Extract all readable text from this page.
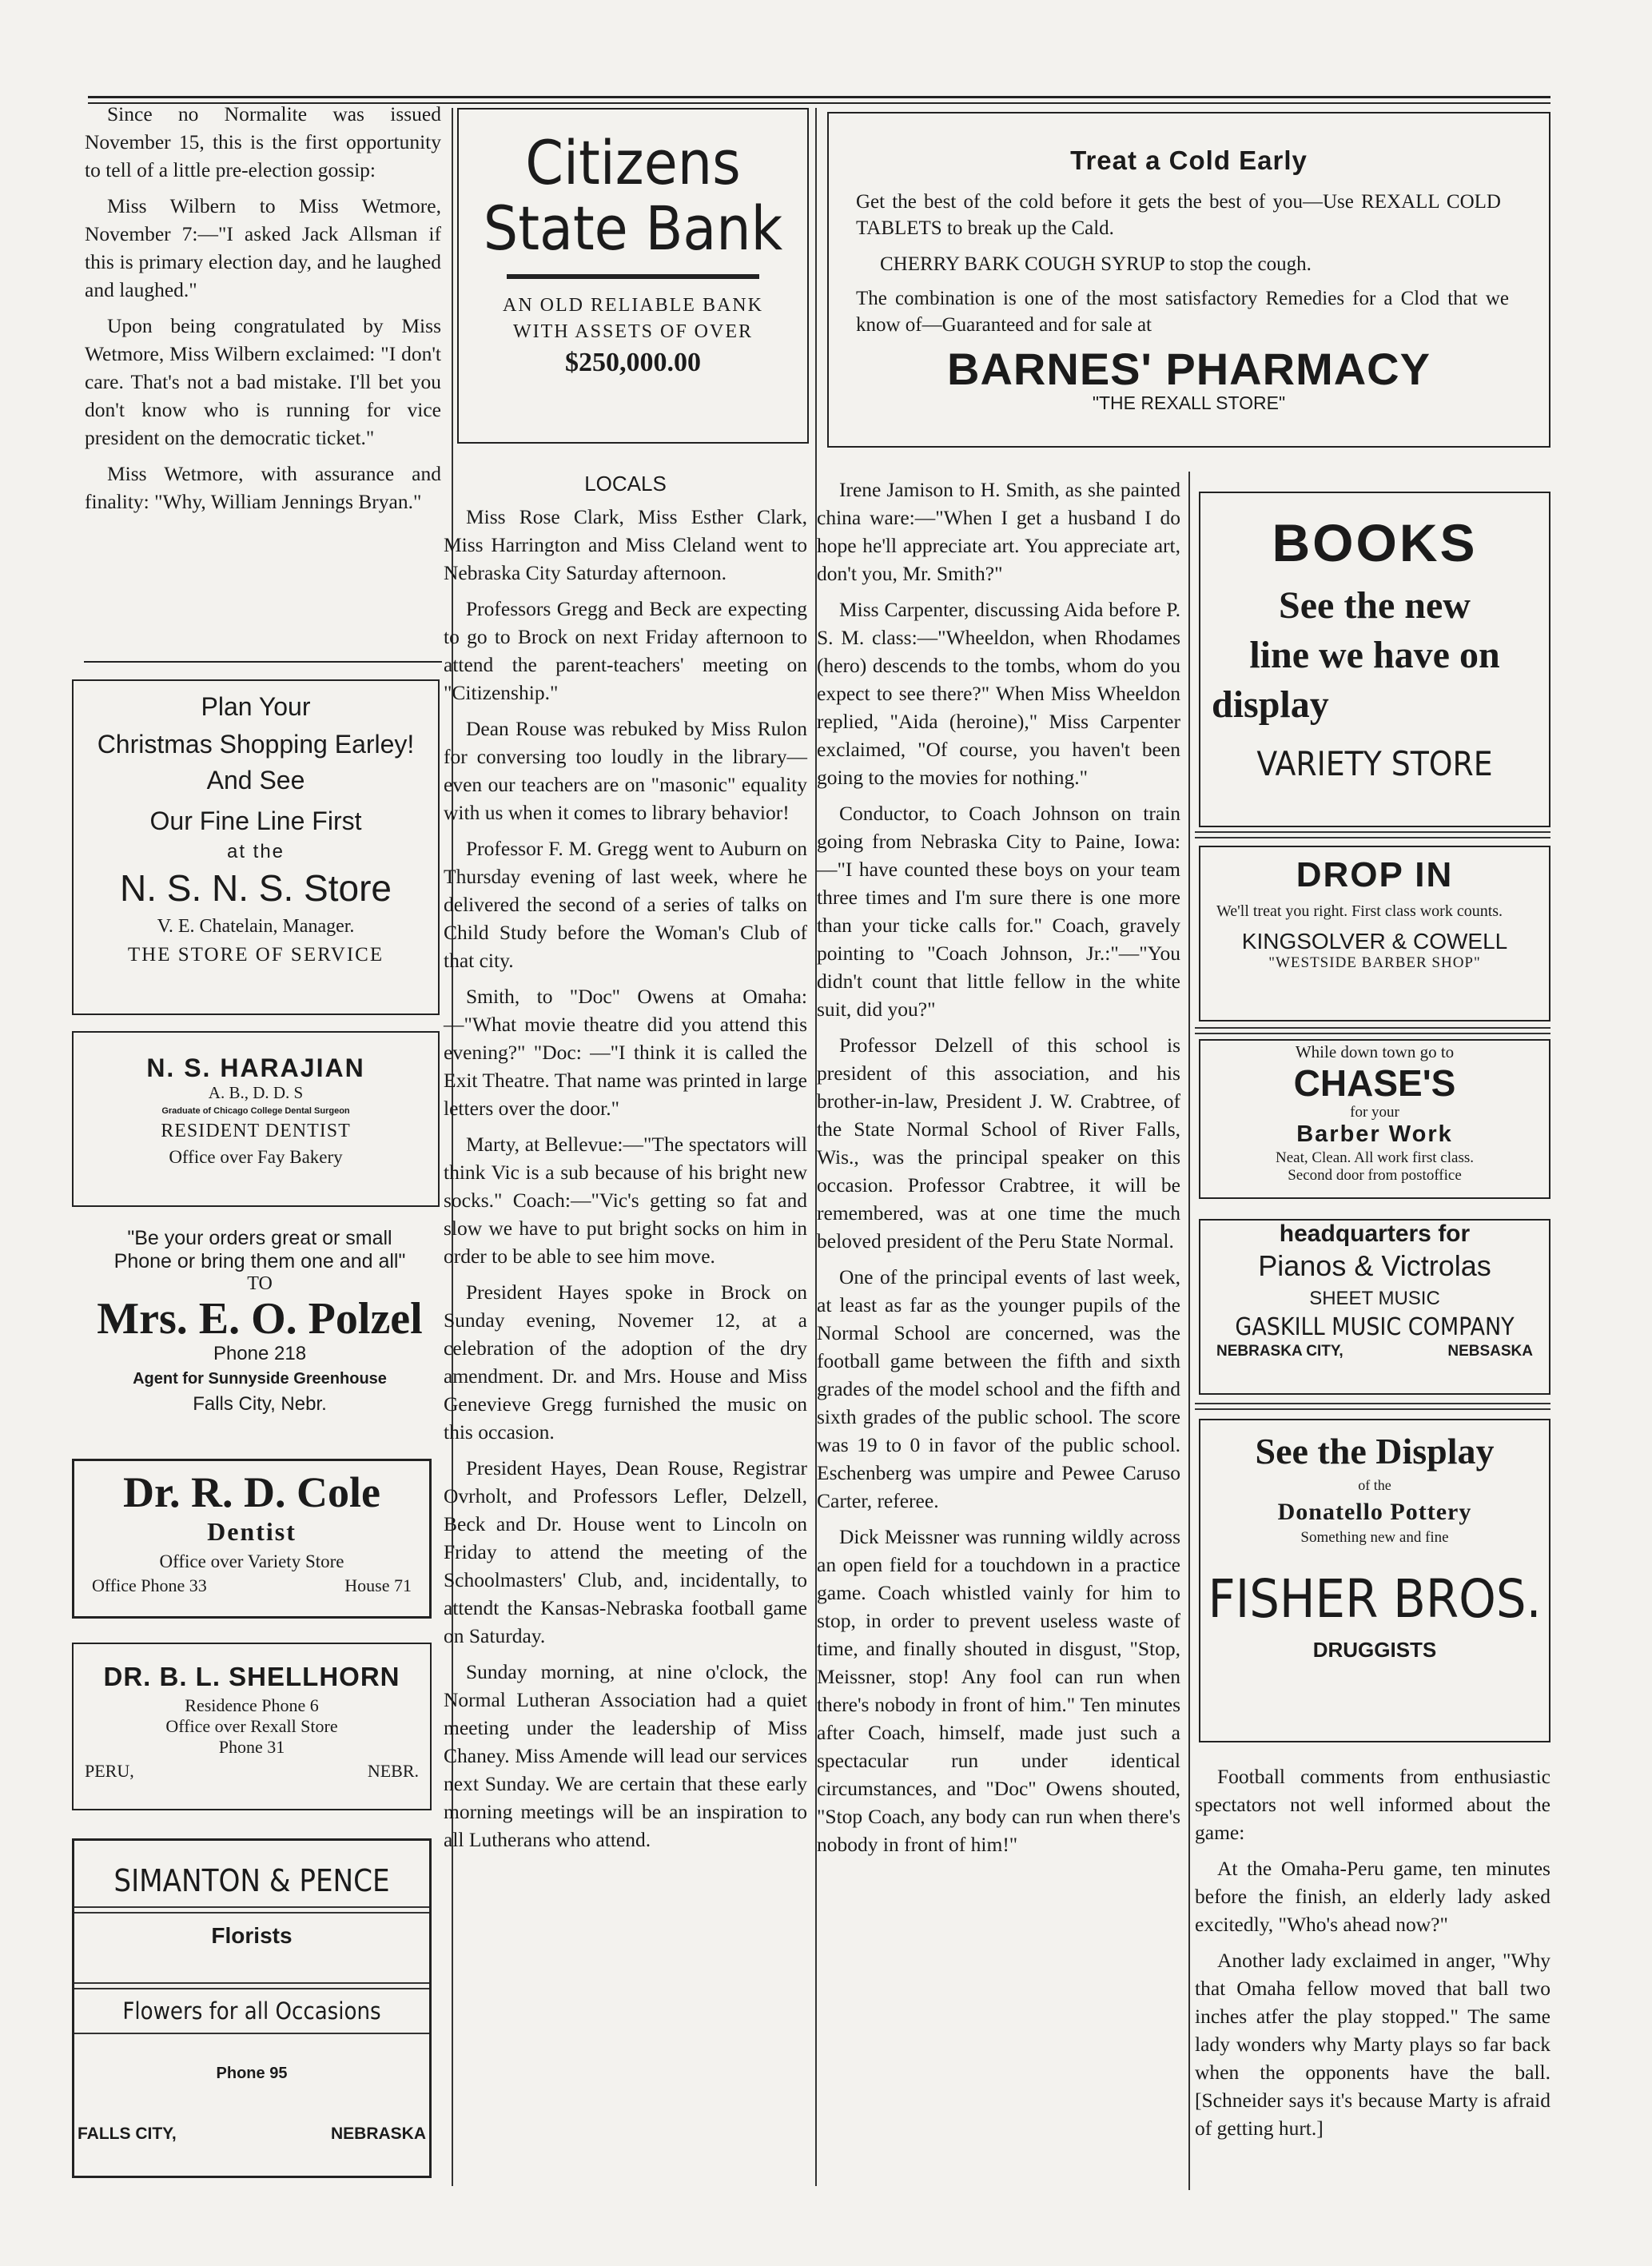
Since no Normalite was issued November 15, this is the first opportunity to tell of a little pre-election gossip:

Miss Wilbern to Miss Wetmore, November 7:—"I asked Jack Allsman if this is primary election day, and he laughed and laughed."

Upon being congratulated by Miss Wetmore, Miss Wilbern exclaimed: "I don't care. That's not a bad mistake. I'll bet you don't know who is running for vice president on the democratic ticket."

Miss Wetmore, with assurance and finality: "Why, William Jennings Bryan."

Plan Your
Christmas Shopping Earley!
And See
Our Fine Line First
at the
N. S. N. S. Store
V. E. Chatelain, Manager.
THE STORE OF SERVICE
N. S. HARAJIAN
A. B., D. D. S
Graduate of Chicago College Dental Surgeon
RESIDENT DENTIST
Office over Fay Bakery
"Be your orders great or small
Phone or bring them one and all"
TO
Mrs. E. O. Polzel
Phone 218
Agent for Sunnyside Greenhouse
Falls City, Nebr.
Dr. R. D. Cole
Dentist
Office over Variety Store
Office Phone 33	House 71
DR. B. L. SHELLHORN
Residence Phone 6
Office over Rexall Store
Phone 31
PERU,	NEBR.
SIMANTON & PENCE
Florists
Flowers for all Occasions
Phone 95
FALLS CITY,	NEBRASKA
Citizens
State Bank
AN OLD RELIABLE BANK
WITH ASSETS OF OVER
$250,000.00
LOCALS

Miss Rose Clark, Miss Esther Clark, Miss Harrington and Miss Cleland went to Nebraska City Saturday afternoon.

Professors Gregg and Beck are expecting to go to Brock on next Friday afternoon to attend the parent-teachers' meeting on "Citizenship."

Dean Rouse was rebuked by Miss Rulon for conversing too loudly in the library—even our teachers are on "masonic" equality with us when it comes to library behavior!

Professor F. M. Gregg went to Auburn on Thursday evening of last week, where he delivered the second of a series of talks on Child Study before the Woman's Club of that city.

Smith, to "Doc" Owens at Omaha:—"What movie theatre did you attend this evening?" "Doc: —"I think it is called the Exit Theatre. That name was printed in large letters over the door."

Marty, at Bellevue:—"The spectators will think Vic is a sub because of his bright new socks." Coach:—"Vic's getting so fat and slow we have to put bright socks on him in order to be able to see him move.

President Hayes spoke in Brock on Sunday evening, Novemer 12, at a celebration of the adoption of the dry amendment. Dr. and Mrs. House and Miss Genevieve Gregg furnished the music on this occasion.

President Hayes, Dean Rouse, Registrar Ovrholt, and Professors Lefler, Delzell, Beck and Dr. House went to Lincoln on Friday to attend the meeting of the Schoolmasters' Club, and, incidentally, to attendt the Kansas-Nebraska football game on Saturday.

Sunday morning, at nine o'clock, the Normal Lutheran Association had a quiet meeting under the leadership of Miss Chaney. Miss Amende will lead our services next Sunday. We are certain that these early morning meetings will be an inspiration to all Lutherans who attend.

Treat a Cold Early
Get the best of the cold before it gets the best of you—Use REXALL COLD TABLETS to break up the Cald.
CHERRY BARK COUGH SYRUP to stop the cough.
The combination is one of the most satisfactory Remedies for a Clod that we know of—Guaranteed and for sale at
BARNES' PHARMACY
"THE REXALL STORE"

Irene Jamison to H. Smith, as she painted china ware:—"When I get a husband I do hope he'll appreciate art. You appreciate art, don't you, Mr. Smith?"

Miss Carpenter, discussing Aida before P. S. M. class:—"Wheeldon, when Rhodames (hero) descends to the tombs, whom do you expect to see there?" When Miss Wheeldon replied, "Aida (heroine)," Miss Carpenter exclaimed, "Of course, you haven't been going to the movies for nothing."

Conductor, to Coach Johnson on train going from Nebraska City to Paine, Iowa:—"I have counted these boys on your team three times and I'm sure there is one more than your ticke calls for." Coach, gravely pointing to "Coach Johnson, Jr.:"—"You didn't count that little fellow in the white suit, did you?"

Professor Delzell of this school is president of this association, and his brother-in-law, President J. W. Crabtree, of the State Normal School of River Falls, Wis., was the principal speaker on this occasion. Professor Crabtree, it will be remembered, was at one time the much beloved president of the Peru State Normal.

One of the principal events of last week, at least as far as the younger pupils of the Normal School are concerned, was the football game between the fifth and sixth grades of the model school and the fifth and sixth grades of the public school. The score was 19 to 0 in favor of the public school. Eschenberg was umpire and Pewee Caruso Carter, referee.

Dick Meissner was running wildly across an open field for a touchdown in a practice game. Coach whistled vainly for him to stop, in order to prevent useless waste of time, and finally shouted in disgust, "Stop, Meissner, stop! Any fool can run when there's nobody in front of him." Ten minutes after Coach, himself, made just such a spectacular run under identical circumstances, and "Doc" Owens shouted, "Stop Coach, any body can run when there's nobody in front of him!"

BOOKS
See the new
line we have on
display
VARIETY STORE
DROP IN
We'll treat you right. First class work counts.
KINGSOLVER & COWELL
"WESTSIDE BARBER SHOP"
While down town go to
CHASE'S
for your
Barber Work
Neat, Clean. All work first class.
Second door from postoffice
headquarters for
Pianos & Victrolas
SHEET MUSIC
GASKILL MUSIC COMPANY
NEBRASKA CITY,	NEBSASKA
See the Display
of the
Donatello Pottery
Something new and fine
FISHER BROS.
DRUGGISTS

Football comments from enthusiastic spectators not well informed about the game:

At the Omaha-Peru game, ten minutes before the finish, an elderly lady asked excitedly, "Who's ahead now?"

Another lady exclaimed in anger, "Why that Omaha fellow moved that ball two inches atfer the play stopped." The same lady wonders why Marty plays so far back when the opponents have the ball. [Schneider says it's because Marty is afraid of getting hurt.]
